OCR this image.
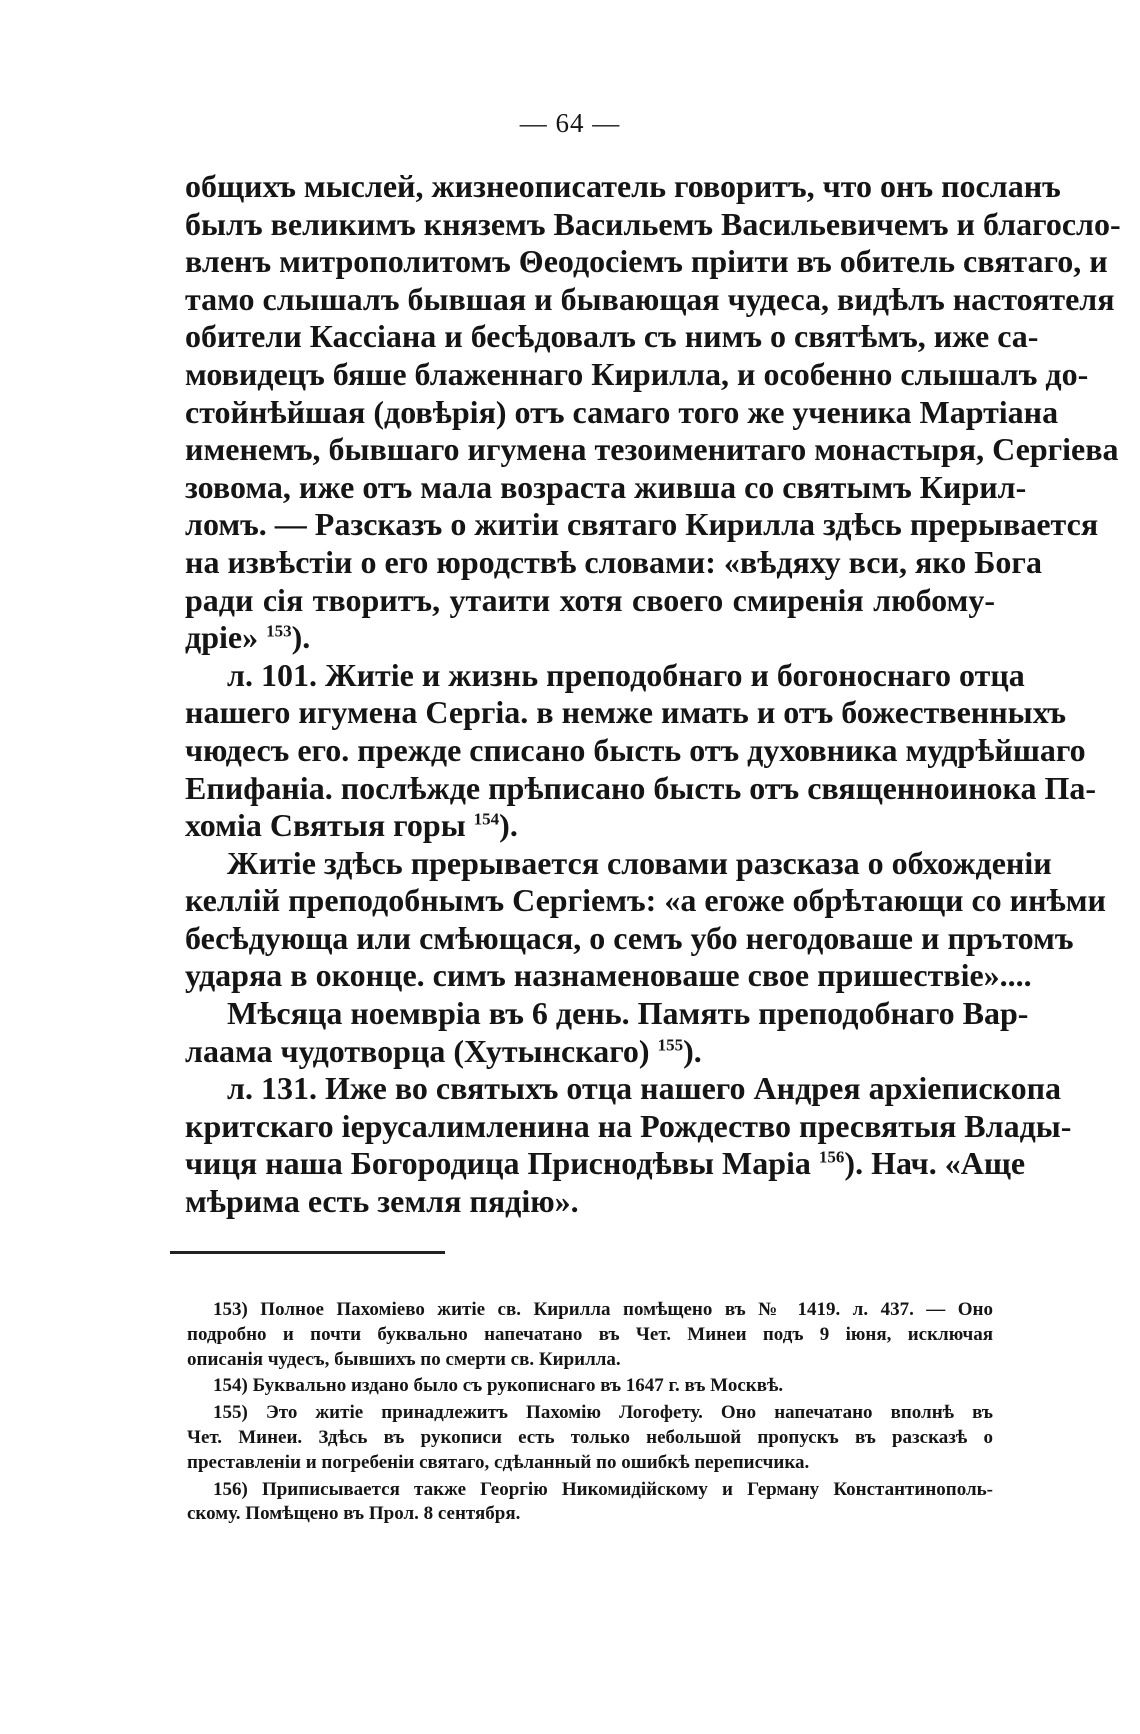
— 64 —
общихъ мыслей, жизнеописатель говоритъ, что онъ посланъ
былъ великимъ княземъ Васильемъ Васильевичемъ и благосло-
вленъ митрополитомъ Θеодосіемъ пріити въ обитель святаго, и
тамо слышалъ бывшая и бывающая чудеса, видѣлъ настоятеля
обители Кассіана и бесѣдовалъ съ нимъ о святѣмъ, иже са-
мовидецъ бяше блаженнаго Кирилла, и особенно слышалъ до-
стойнѣйшая (довѣрія) отъ самаго того же ученика Мартіана
именемъ, бывшаго игумена тезоименитаго монастыря, Сергіева
зовома, иже отъ мала возраста живша со святымъ Кирил-
ломъ. — Разсказъ о житіи святаго Кирилла здѣсь прерывается
на извѣстіи о его юродствѣ словами: «вѣдяху вси, яко Бога
ради сія творитъ, утаити хотя своего смиренія любому-
дріе» $^{153}$).
л. 101. Житіе и жизнь преподобнаго и богоноснаго отца
нашего игумена Сергіа. в немже имать и отъ божественныхъ
чюдесъ его. прежде списано бысть отъ духовника мудрѣйшаго
Епифаніа. послѣжде прѣписано бысть отъ священноинока Па-
хоміа Святыя горы $^{154}$).
Житіе здѣсь прерывается словами разсказа о обхожденіи
келлій преподобнымъ Сергіемъ: «а егоже обрѣтающи со инѣми
бесѣдующа или смѣющася, о семъ убо негодоваше и прътомъ
ударяа в оконце. симъ назнаменоваше свое пришествіе»....
Мѣсяца ноемвріа въ 6 день. Память преподобнаго Вар-
лаама чудотворца (Хутынскаго) $^{155}$).
л. 131. Иже во святыхъ отца нашего Андрея архіепископа
критскаго іерусалимленина на Рождество пресвятыя Влады-
чиця наша Богородица Приснодѣвы Маріа $^{156}$). Нач. «Аще
мѣрима есть земля пядію».
153) Полное Пахоміево житіе св. Кирилла помѣщено въ № 1419. л. 437. — Оно
подробно и почти буквально напечатано въ Чет. Минеи подъ 9 іюня, исключая
описанія чудесъ, бывшихъ по смерти св. Кирилла.
154) Буквально издано было съ рукописнаго въ 1647 г. въ Москвѣ.
155) Это житіе принадлежитъ Пахомію Логофету. Оно напечатано вполнѣ въ
Чет. Минеи. Здѣсь въ рукописи есть только небольшой пропускъ въ разсказѣ о
преставленіи и погребеніи святаго, сдѣланный по ошибкѣ переписчика.
156) Приписывается также Георгію Никомидійскому и Герману Константинополь-
скому. Помѣщено въ Прол. 8 сентября.
